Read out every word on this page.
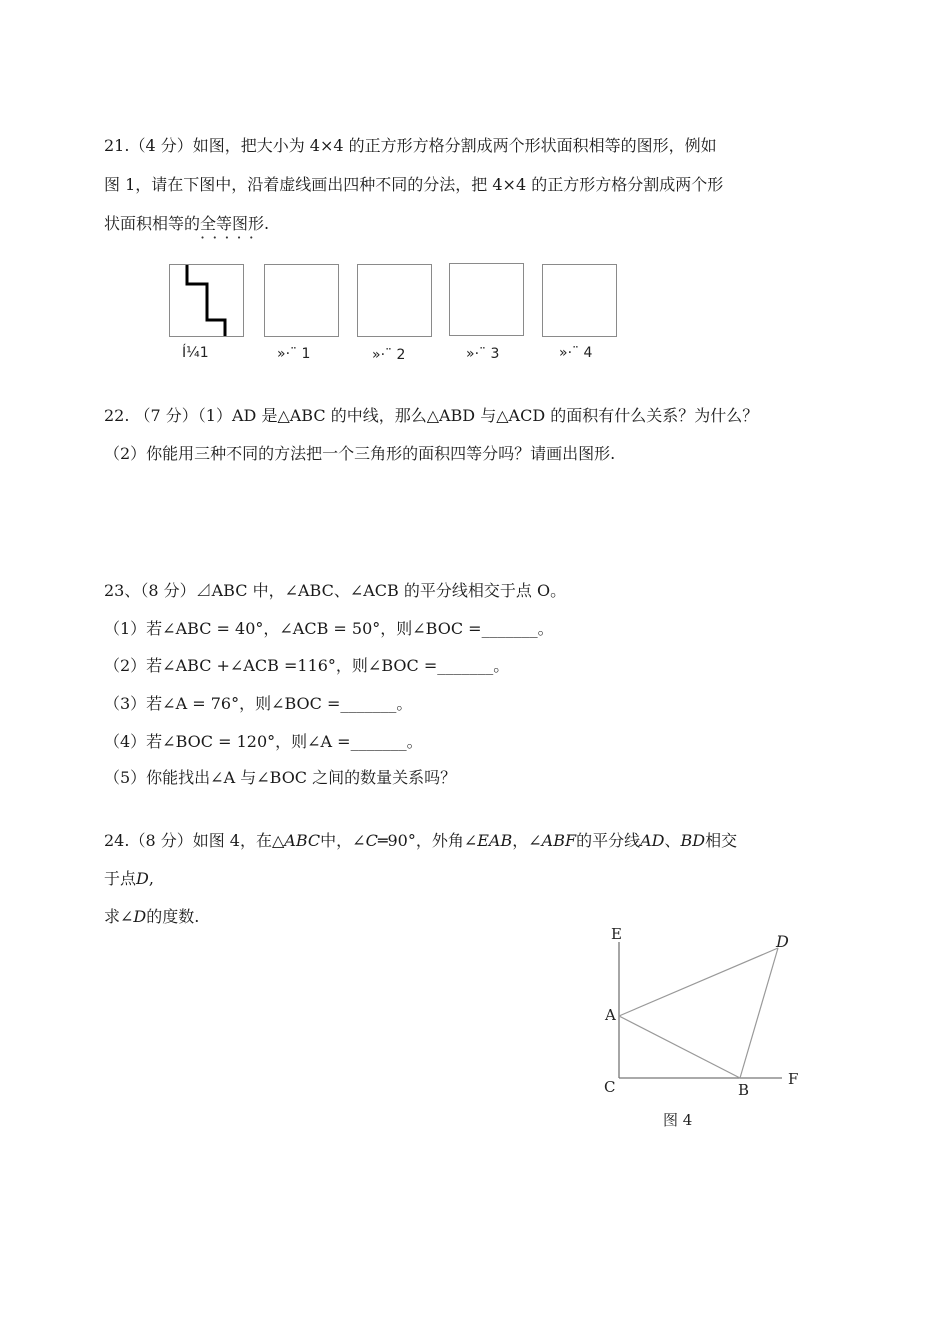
21.（4 分）如图，把大小为 4×4 的正方形方格分割成两个形状面积相等的图形，例如
图 1，请在下图中，沿着虚线画出四种不同的分法，把 4×4 的正方形方格分割成两个形
状面积相等的全等图形 · · ·.
Í¼1	»·¨ 1	»·¨ 2	»·¨ 3	»·¨ 4
22. （7 分）（1）AD 是△ABC 的中线，那么△ABD 与△ACD 的面积有什么关系？为什么？
（2）你能用三种不同的方法把一个三角形的面积四等分吗？请画出图形.
23、（8 分）⊿ABC 中，∠ABC、∠ACB 的平分线相交于点 O。
（1）若∠ABC = 40°，∠ACB = 50°，则∠BOC =_______。
（2）若∠ABC +∠ACB =116°，则∠BOC =_______。
（3）若∠A = 76°，则∠BOC =_______。
（4）若∠BOC = 120°，则∠A =_______。
（5）你能找出∠A 与∠BOC 之间的数量关系吗？
24.（8 分）如图 4，在△ABC中，∠C═90°，外角∠EAB，∠ABF的平分线AD、BD相交
于点D,
求∠D的度数.
E	D
A
C	B
F
图 4
